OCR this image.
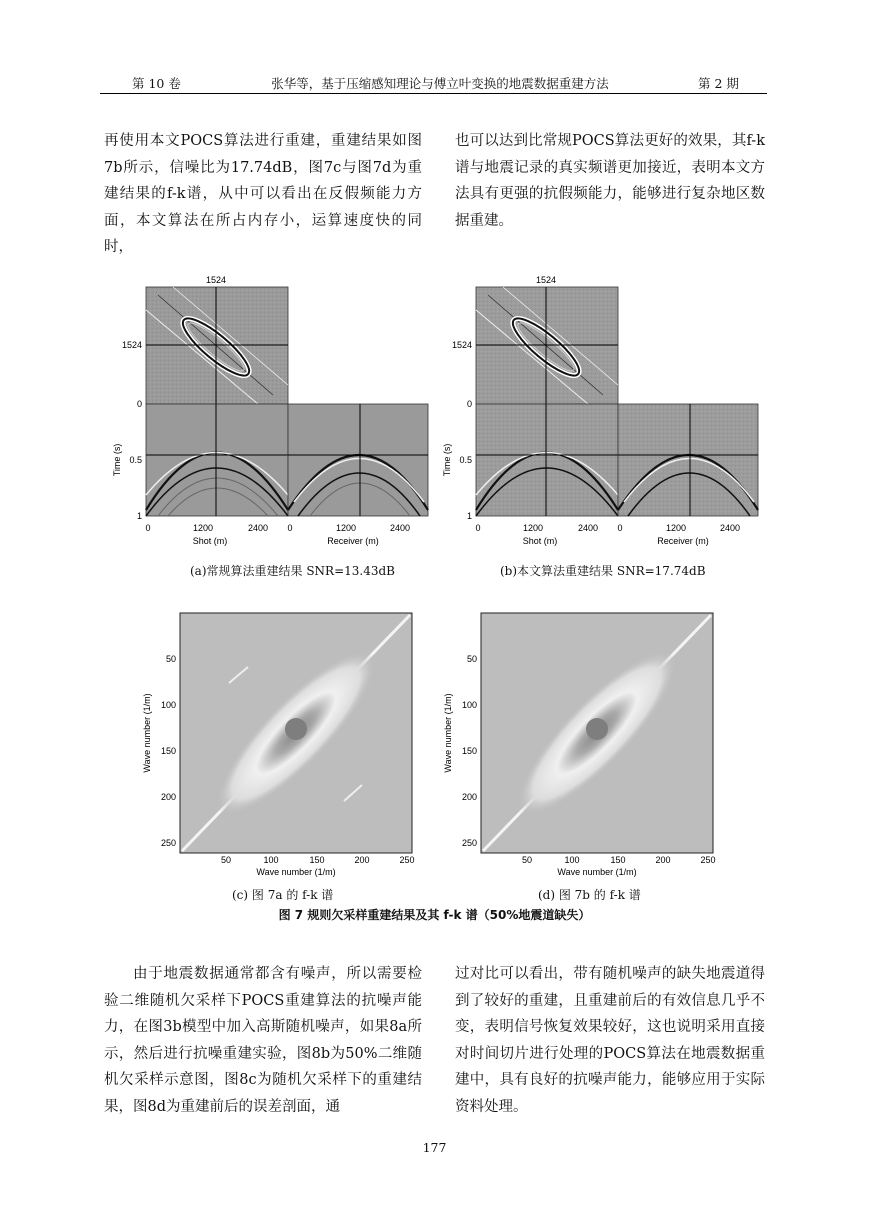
第 10 卷	张华等，基于压缩感知理论与傅立叶变换的地震数据重建方法	第 2 期

再使用本文POCS算法进行重建，重建结果如图7b所示，信噪比为17.74dB，图7c与图7d为重建结果的f-k谱，从中可以看出在反假频能力方面，本文算法在所占内存小，运算速度快的同时，

也可以达到比常规POCS算法更好的效果，其f-k谱与地震记录的真实频谱更加接近，表明本文方法具有更强的抗假频能力，能够进行复杂地区数据重建。

1524
1524
0
0.5
1
Time (s)
0	1200	2400 0	1200	2400
Shot (m)	Receiver (m)
(a)常规算法重建结果 SNR=13.43dB
1524
1524
0
0.5
1
Time (s)
0	1200	2400 0	1200	2400
Shot (m)	Receiver (m)
(b)本文算法重建结果 SNR=17.74dB
50
100
150
200
250
50	100	150	200	250
Wave number (1/m)
Wave number (1/m)
(c) 图 7a 的 f-k 谱
50
100
150
200
250
50	100	150	200	250
Wave number (1/m)
Wave number (1/m)
(d) 图 7b 的 f-k 谱
图 7 规则欠采样重建结果及其 f-k 谱（50%地震道缺失）

由于地震数据通常都含有噪声，所以需要检验二维随机欠采样下POCS重建算法的抗噪声能力，在图3b模型中加入高斯随机噪声，如果8a所示，然后进行抗噪重建实验，图8b为50%二维随机欠采样示意图，图8c为随机欠采样下的重建结果，图8d为重建前后的误差剖面，通

过对比可以看出，带有随机噪声的缺失地震道得到了较好的重建，且重建前后的有效信息几乎不变，表明信号恢复效果较好，这也说明采用直接对时间切片进行处理的POCS算法在地震数据重建中，具有良好的抗噪声能力，能够应用于实际资料处理。

177
